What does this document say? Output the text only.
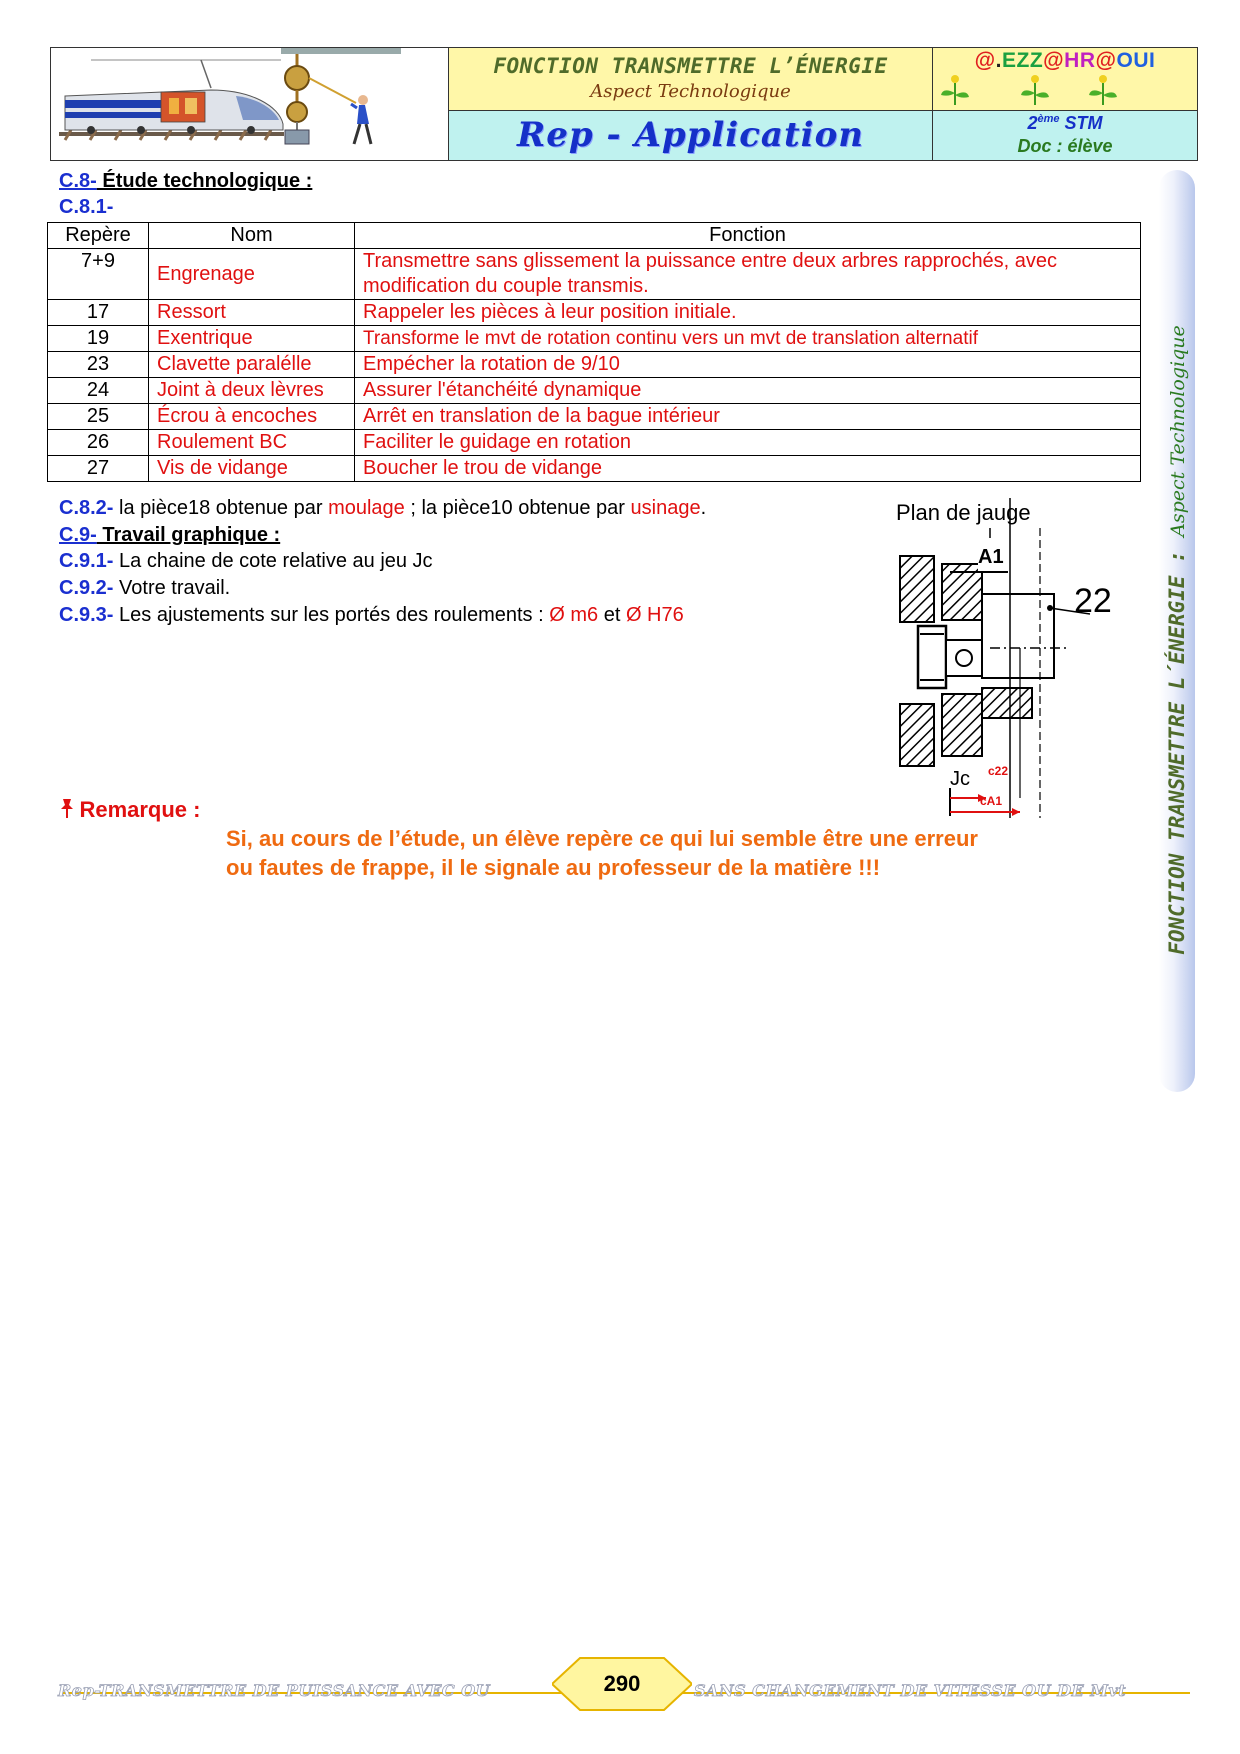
FONCTION TRANSMETTRE L’ÉNERGIE
Aspect Technologique
Rep - Application
@.EZZ@HR@OUI
2ème STM
Doc : élève
FONCTION TRANSMETTRE L´ÉNERGIE :   Aspect Technologique
C.8- Étude technologique :
C.8.1-
Repère	Nom	Fonction
7+9	Engrenage	Transmettre sans glissement la puissance entre deux arbres rapprochés, avec modification du couple transmis.
17	Ressort	Rappeler les pièces à leur position initiale.
19	Exentrique	Transforme le mvt de rotation continu vers un mvt de translation alternatif
23	Clavette paralélle	Empécher la rotation de 9/10
24	Joint à deux lèvres	Assurer l'étanchéité dynamique
25	Écrou à encoches	Arrêt en translation de la bague intérieur
26	Roulement BC	Faciliter le guidage en rotation
27	Vis de vidange	Boucher le trou de vidange
C.8.2- la pièce18 obtenue par moulage ; la pièce10 obtenue par usinage.
C.9- Travail graphique :
C.9.1- La chaine de cote relative au jeu Jc
C.9.2- Votre travail.
C.9.3- Les ajustements sur les portés des roulements : Ø m6 et Ø H76
Plan de jauge
A1
22
Jc c22
cA1
Remarque :
Si, au cours de l’étude, un élève repère ce qui lui semble être une erreur
ou fautes de frappe, il le signale au professeur de la matière !!!
Rep-TRANSMETTRE DE PUISSANCE AVEC OU	SANS CHANGEMENT DE VITESSE OU DE Mvt
290
